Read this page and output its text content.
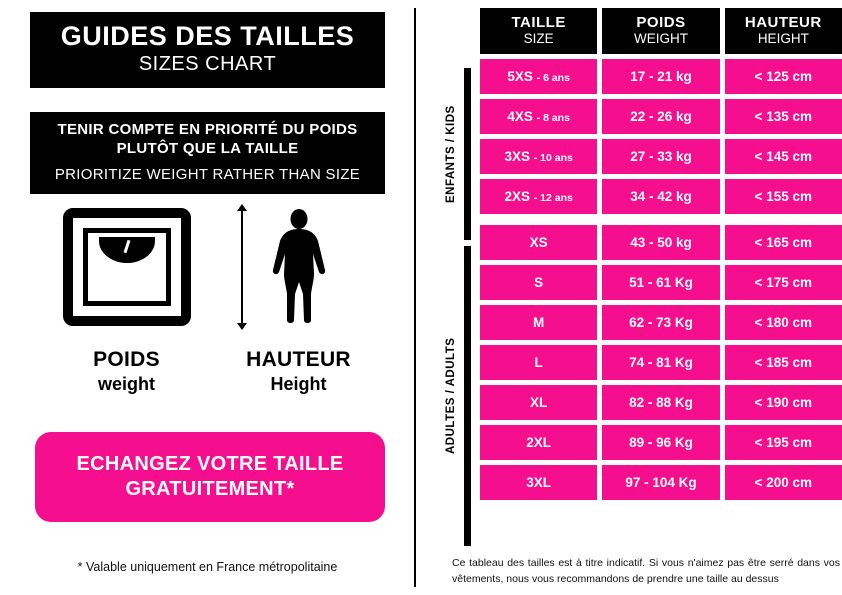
GUIDES DES TAILLES
SIZES CHART
TENIR COMPTE EN PRIORITÉ DU POIDS
PLUTÔT QUE LA TAILLE
PRIORITIZE WEIGHT RATHER THAN SIZE
POIDS
weight
HAUTEUR
Height
ECHANGEZ VOTRE TAILLE
GRATUITEMENT*
* Valable uniquement en France métropolitaine
ENFANTS / KIDS
ADULTES / ADULTS
TAILLE
SIZE
POIDS
WEIGHT
HAUTEUR
HEIGHT
5XS - 6 ans	17 - 21 kg	< 125 cm
4XS - 8 ans	22 - 26 kg	< 135 cm
3XS - 10 ans	27 - 33 kg	< 145 cm
2XS - 12 ans	34 - 42 kg	< 155 cm
XS	43 - 50 kg	< 165 cm
S	51 - 61 Kg	< 175 cm
M	62 - 73 Kg	< 180 cm
L	74 - 81 Kg	< 185 cm
XL	82 - 88 Kg	< 190 cm
2XL	89 - 96 Kg	< 195 cm
3XL	97 - 104 Kg	< 200 cm
Ce tableau des tailles est à titre indicatif. Si vous n'aimez pas être serré dans vos vêtements, nous vous recommandons de prendre une taille au dessus
